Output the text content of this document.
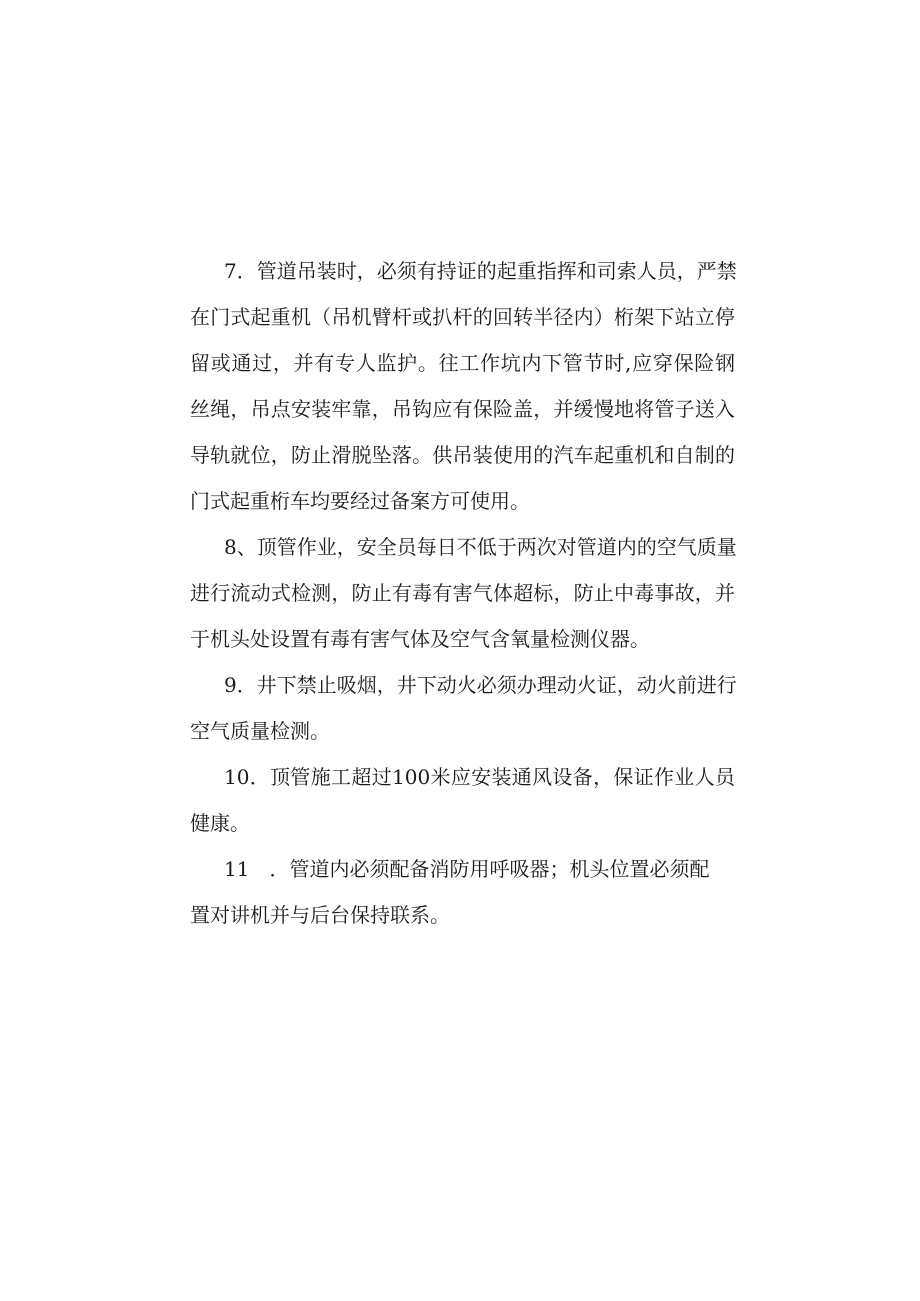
7．管道吊装时，必须有持证的起重指挥和司索人员，严禁
在门式起重机（吊机臂杆或扒杆的回转半径内）桁架下站立停
留或通过，并有专人监护。往工作坑内下管节时,应穿保险钢
丝绳，吊点安装牢靠，吊钩应有保险盖，并缓慢地将管子送入
导轨就位，防止滑脱坠落。供吊装使用的汽车起重机和自制的
门式起重桁车均要经过备案方可使用。
8、顶管作业，安全员每日不低于两次对管道内的空气质量
进行流动式检测，防止有毒有害气体超标，防止中毒事故，并
于机头处设置有毒有害气体及空气含氧量检测仪器。
9．井下禁止吸烟，井下动火必须办理动火证，动火前进行
空气质量检测。
10．顶管施工超过100米应安装通风设备，保证作业人员
健康。
11　．管道内必须配备消防用呼吸器；机头位置必须配
置对讲机并与后台保持联系。
